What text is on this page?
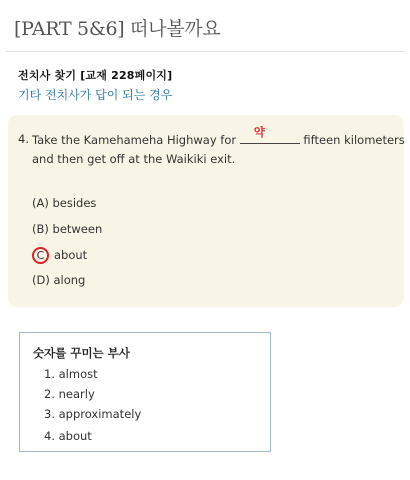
[PART 5&6] 떠나볼까요
전치사 찾기 [교재 228페이지]
기타 전치사가 답이 되는 경우
4. Take the Kamehameha Highway for
약
fifteen kilometers
and then get off at the Waikiki exit.
(A) besides
(B) between
C about
(D) along
숫자를 꾸미는 부사
1. almost
2. nearly
3. approximately
4. about
